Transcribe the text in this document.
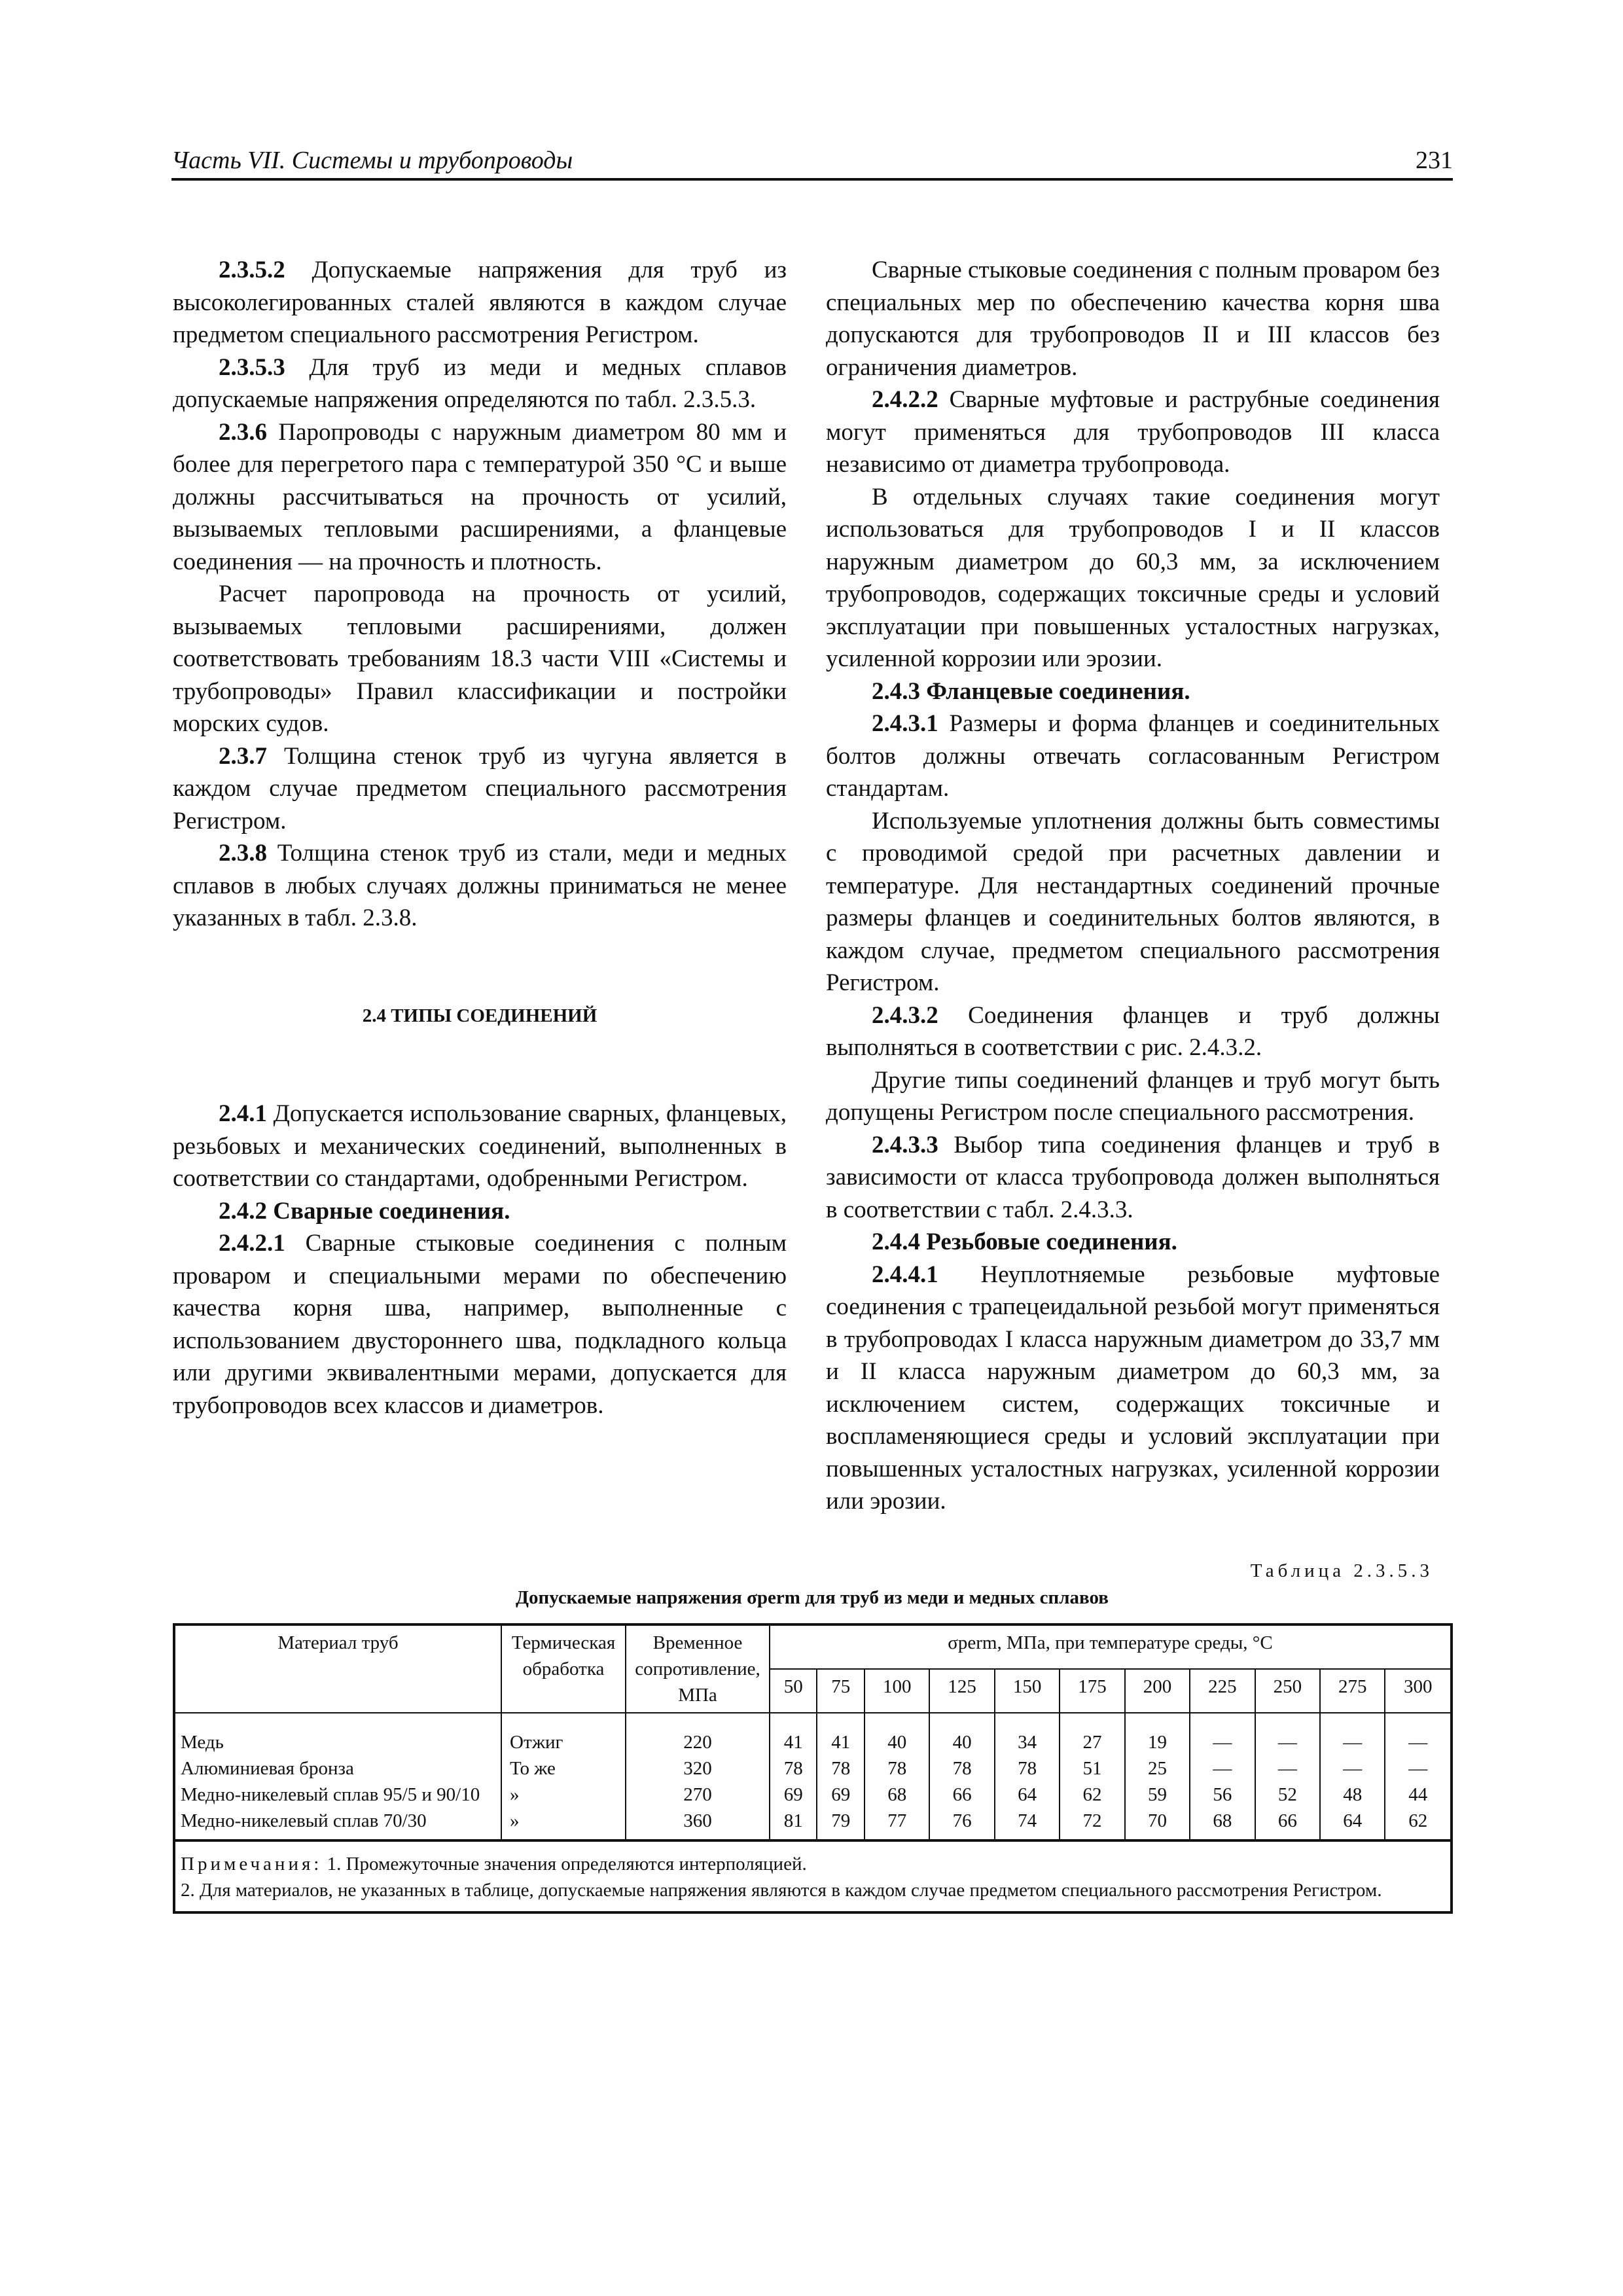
Часть VII. Системы и трубопроводы	231

2.3.5.2 Допускаемые напряжения для труб из высоколегированных сталей являются в каждом случае предметом специального рассмотрения Регистром.

2.3.5.3 Для труб из меди и медных сплавов допускаемые напряжения определяются по табл. 2.3.5.3.

2.3.6 Паропроводы с наружным диаметром 80 мм и более для перегретого пара с температурой 350 °С и выше должны рассчитываться на прочность от усилий, вызываемых тепловыми расширениями, а фланцевые соединения — на прочность и плотность.

Расчет паропровода на прочность от усилий, вызываемых тепловыми расширениями, должен соответствовать требованиям 18.3 части VIII «Системы и трубопроводы» Правил классификации и постройки морских судов.

2.3.7 Толщина стенок труб из чугуна является в каждом случае предметом специального рассмотрения Регистром.

2.3.8 Толщина стенок труб из стали, меди и медных сплавов в любых случаях должны приниматься не менее указанных в табл. 2.3.8.

2.4 ТИПЫ СОЕДИНЕНИЙ

2.4.1 Допускается использование сварных, фланцевых, резьбовых и механических соединений, выполненных в соответствии со стандартами, одобренными Регистром.

2.4.2 Сварные соединения.

2.4.2.1 Сварные стыковые соединения с полным проваром и специальными мерами по обеспечению качества корня шва, например, выполненные с использованием двустороннего шва, подкладного кольца или другими эквивалентными мерами, допускается для трубопроводов всех классов и диаметров.

Сварные стыковые соединения с полным проваром без специальных мер по обеспечению качества корня шва допускаются для трубопроводов II и III классов без ограничения диаметров.

2.4.2.2 Сварные муфтовые и раструбные соединения могут применяться для трубопроводов III класса независимо от диаметра трубопровода.

В отдельных случаях такие соединения могут использоваться для трубопроводов I и II классов наружным диаметром до 60,3 мм, за исключением трубопроводов, содержащих токсичные среды и условий эксплуатации при повышенных усталостных нагрузках, усиленной коррозии или эрозии.

2.4.3 Фланцевые соединения.

2.4.3.1 Размеры и форма фланцев и соединительных болтов должны отвечать согласованным Регистром стандартам.

Используемые уплотнения должны быть совместимы с проводимой средой при расчетных давлении и температуре. Для нестандартных соединений прочные размеры фланцев и соединительных болтов являются, в каждом случае, предметом специального рассмотрения Регистром.

2.4.3.2 Соединения фланцев и труб должны выполняться в соответствии с рис. 2.4.3.2.

Другие типы соединений фланцев и труб могут быть допущены Регистром после специального рассмотрения.

2.4.3.3 Выбор типа соединения фланцев и труб в зависимости от класса трубопровода должен выполняться в соответствии с табл. 2.4.3.3.

2.4.4 Резьбовые соединения.

2.4.4.1 Неуплотняемые резьбовые муфтовые соединения с трапецеидальной резьбой могут применяться в трубопроводах I класса наружным диаметром до 33,7 мм и II класса наружным диаметром до 60,3 мм, за исключением систем, содержащих токсичные и воспламеняющиеся среды и условий эксплуатации при повышенных усталостных нагрузках, усиленной коррозии или эрозии.

Таблица 2.3.5.3
Допускаемые напряжения σperm для труб из меди и медных сплавов
Материал труб	Термическая обработка	Временное сопротивление, МПа	σperm, МПа, при температуре среды, °С										
			50	75	100	125	150	175	200	225	250	275	300
Медь	Отжиг	220	41	41	40	40	34	27	19	—	—	—	—
Алюминиевая бронза	То же	320	78	78	78	78	78	51	25	—	—	—	—
Медно-никелевый сплав 95/5 и 90/10	»	270	69	69	68	66	64	62	59	56	52	48	44
Медно-никелевый сплав 70/30	»	360	81	79	77	76	74	72	70	68	66	64	62

Примечания: 1. Промежуточные значения определяются интерполяцией.
2. Для материалов, не указанных в таблице, допускаемые напряжения являются в каждом случае предметом специального рассмотрения Регистром.													
